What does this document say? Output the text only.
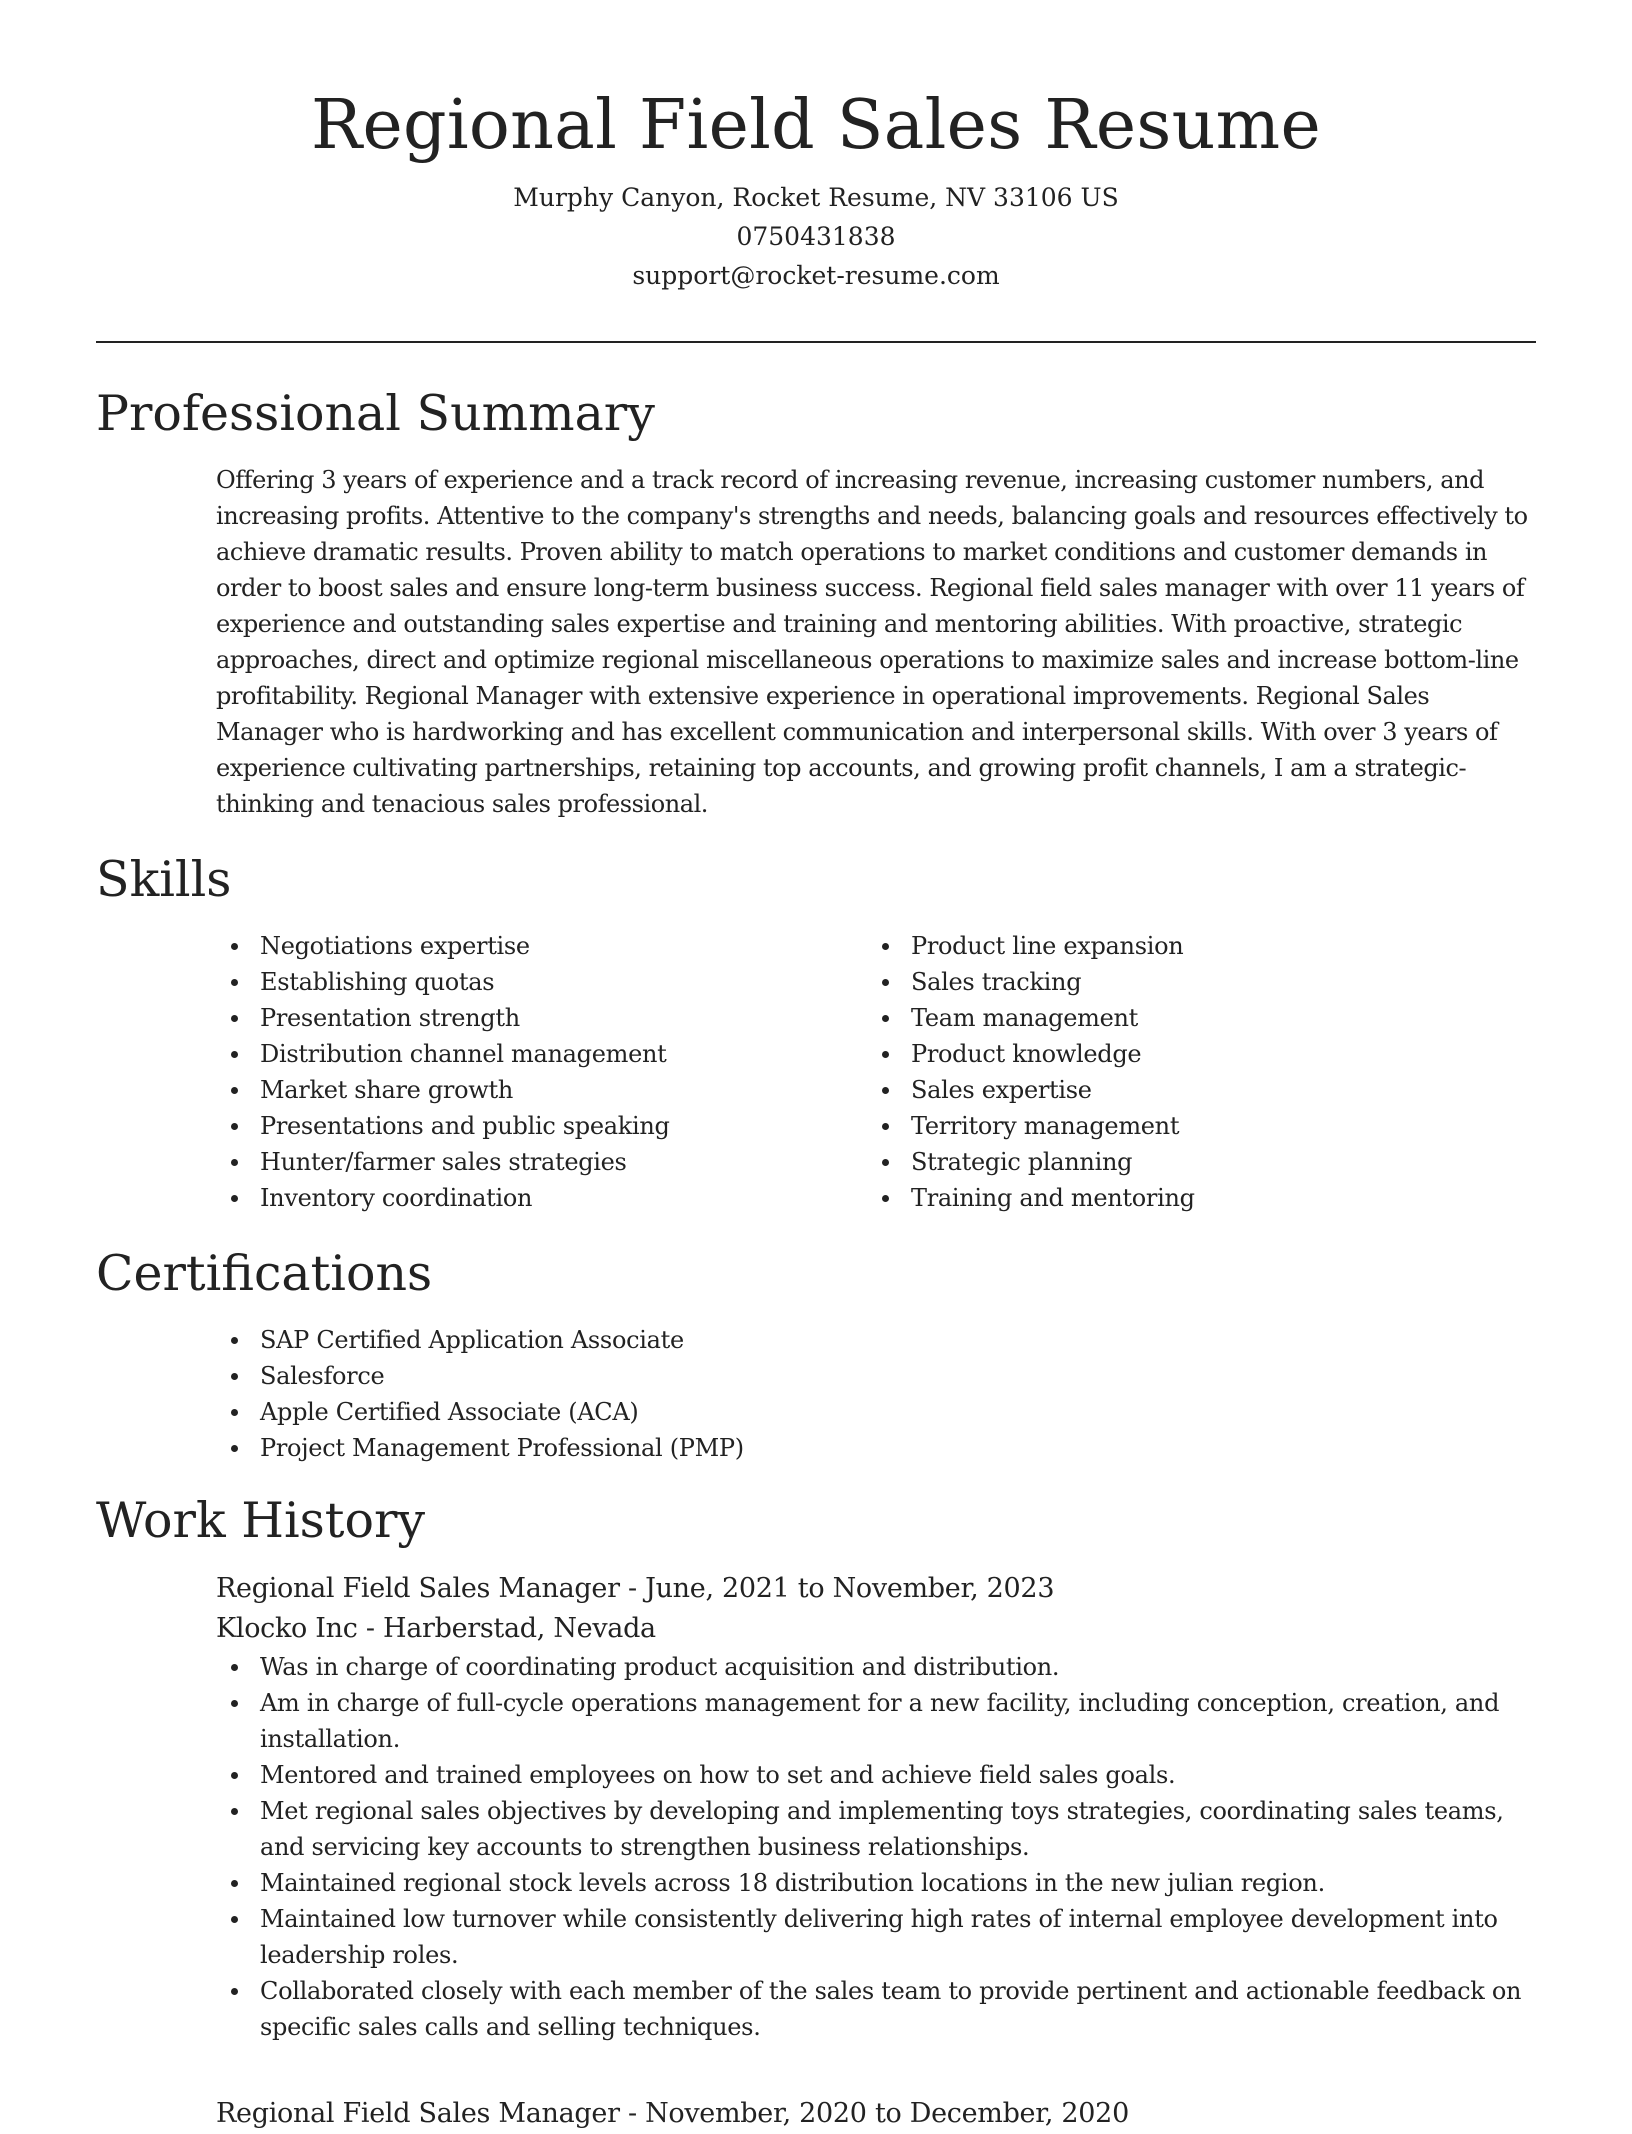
Regional Field Sales Resume
Murphy Canyon, Rocket Resume, NV 33106 US
0750431838
support@rocket-resume.com
Professional Summary

Offering 3 years of experience and a track record of increasing revenue, increasing customer numbers, and increasing profits. Attentive to the company's strengths and needs, balancing goals and resources effectively to achieve dramatic results. Proven ability to match operations to market conditions and customer demands in order to boost sales and ensure long-term business success. Regional field sales manager with over 11 years of experience and outstanding sales expertise and training and mentoring abilities. With proactive, strategic approaches, direct and optimize regional miscellaneous operations to maximize sales and increase bottom-line profitability. Regional Manager with extensive experience in operational improvements. Regional Sales Manager who is hardworking and has excellent communication and interpersonal skills. With over 3 years of experience cultivating partnerships, retaining top accounts, and growing profit channels, I am a strategic-thinking and tenacious sales professional.

Skills
Negotiations expertise
Establishing quotas
Presentation strength
Distribution channel management
Market share growth
Presentations and public speaking
Hunter/farmer sales strategies
Inventory coordination
Product line expansion
Sales tracking
Team management
Product knowledge
Sales expertise
Territory management
Strategic planning
Training and mentoring
Certifications
SAP Certified Application Associate
Salesforce
Apple Certified Associate (ACA)
Project Management Professional (PMP)
Work History
Regional Field Sales Manager - June, 2021 to November, 2023
Klocko Inc - Harberstad, Nevada
Was in charge of coordinating product acquisition and distribution.
Am in charge of full-cycle operations management for a new facility, including conception, creation, and installation.
Mentored and trained employees on how to set and achieve field sales goals.
Met regional sales objectives by developing and implementing toys strategies, coordinating sales teams, and servicing key accounts to strengthen business relationships.
Maintained regional stock levels across 18 distribution locations in the new julian region.
Maintained low turnover while consistently delivering high rates of internal employee development into leadership roles.
Collaborated closely with each member of the sales team to provide pertinent and actionable feedback on specific sales calls and selling techniques.
Regional Field Sales Manager - November, 2020 to December, 2020
